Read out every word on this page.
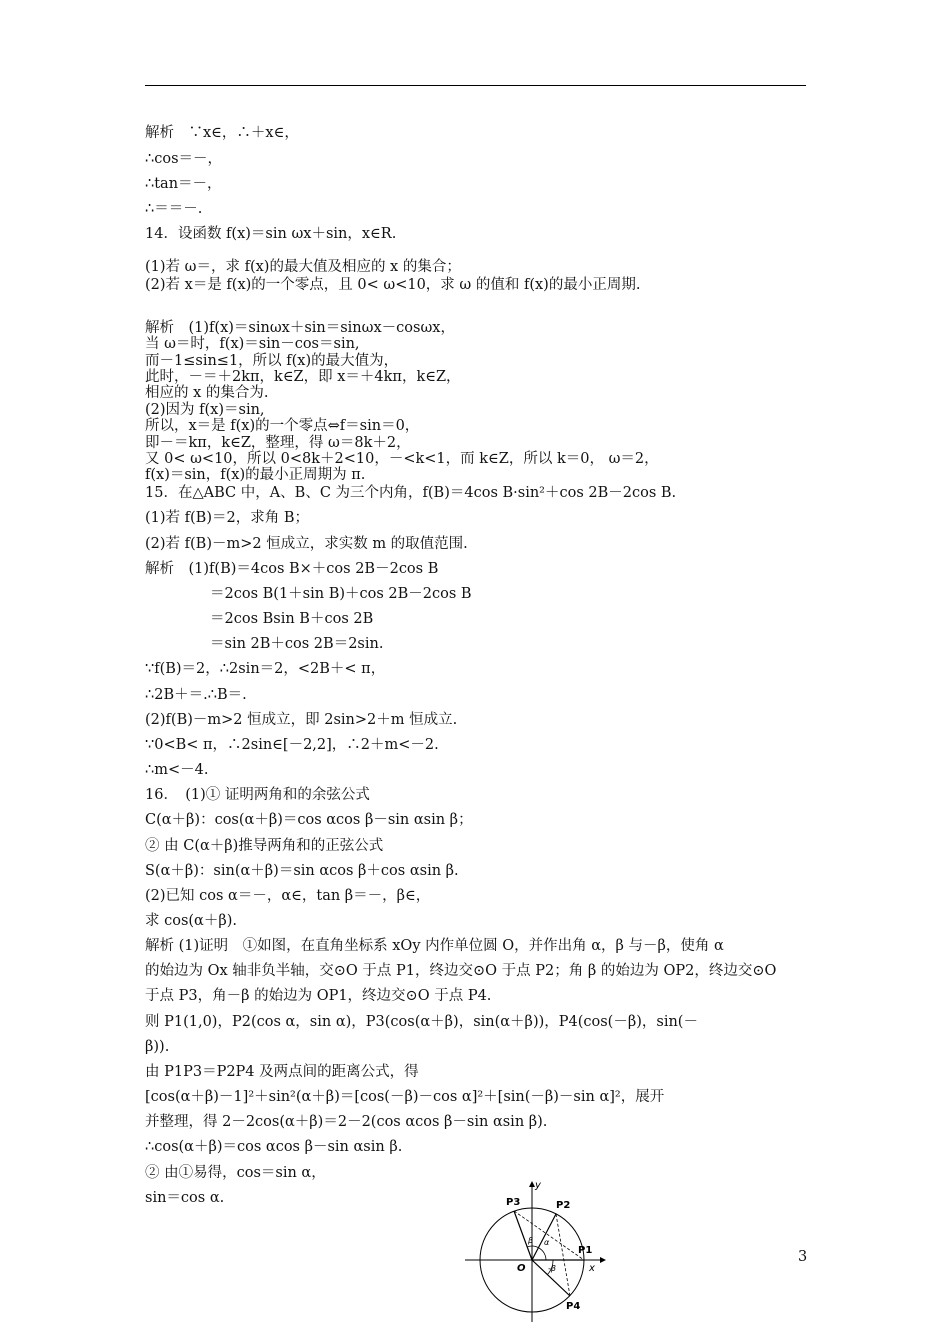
解析　∵x∈，∴＋x∈，
∴cos＝－，
∴tan＝－，
∴＝＝－.
14．设函数 f(x)＝sin ωx＋sin，x∈R.
(1)若 ω＝，求 f(x)的最大值及相应的 x 的集合；
(2)若 x＝是 f(x)的一个零点，且 0< ω<10，求 ω 的值和 f(x)的最小正周期.
解析　(1)f(x)＝sinωx＋sin＝sinωx－cosωx，
当 ω＝时，f(x)＝sin－cos＝sin,
而－1≤sin≤1，所以 f(x)的最大值为，
此时，－＝＋2kπ，k∈Z，即 x＝＋4kπ，k∈Z，
相应的 x 的集合为.
(2)因为 f(x)＝sin,
所以，x＝是 f(x)的一个零点⇔f＝sin＝0，
即－＝kπ，k∈Z，整理，得 ω＝8k＋2，
又 0< ω<10，所以 0<8k＋2<10，－<k<1，而 k∈Z，所以 k＝0， ω＝2，
f(x)＝sin，f(x)的最小正周期为 π.
15．在△ABC 中，A、B、C 为三个内角，f(B)＝4cos B·sin²＋cos 2B－2cos B.
(1)若 f(B)＝2，求角 B；
(2)若 f(B)－m>2 恒成立，求实数 m 的取值范围.
解析　(1)f(B)＝4cos B×＋cos 2B－2cos B
＝2cos B(1＋sin B)＋cos 2B－2cos B
＝2cos Bsin B＋cos 2B
＝sin 2B＋cos 2B＝2sin.
∵f(B)＝2，∴2sin＝2，<2B＋< π，
∴2B＋＝.∴B＝.
(2)f(B)－m>2 恒成立，即 2sin>2＋m 恒成立.
∵0<B< π，∴2sin∈[－2,2]，∴2＋m<－2.
∴m<－4.
16．　(1)① 证明两角和的余弦公式
C(α＋β)：cos(α＋β)＝cos αcos β－sin αsin β；
② 由 C(α＋β)推导两角和的正弦公式
S(α＋β)：sin(α＋β)＝sin αcos β＋cos αsin β.
(2)已知 cos α＝－，α∈，tan β＝－，β∈，
求 cos(α＋β).
解析 (1)证明　①如图，在直角坐标系 xOy 内作单位圆 O，并作出角 α，β 与－β，使角 α
的始边为 Ox 轴非负半轴，交⊙O 于点 P1，终边交⊙O 于点 P2；角 β 的始边为 OP2，终边交⊙O
于点 P3，角－β 的始边为 OP1，终边交⊙O 于点 P4.
则 P1(1,0)，P2(cos α，sin α)，P3(cos(α＋β)，sin(α＋β))，P4(cos(－β)，sin(－
β)).
由 P1P3＝P2P4 及两点间的距离公式，得
[cos(α＋β)－1]²＋sin²(α＋β)＝[cos(－β)－cos α]²＋[sin(－β)－sin α]²，展开
并整理，得 2－2cos(α＋β)＝2－2(cos αcos β－sin αsin β).
∴cos(α＋β)＝cos αcos β－sin αsin β.
② 由①易得，cos＝sin α，
sin＝cos α.	P3	P2
P1
P4
O	x
y
α
β
-β
3
